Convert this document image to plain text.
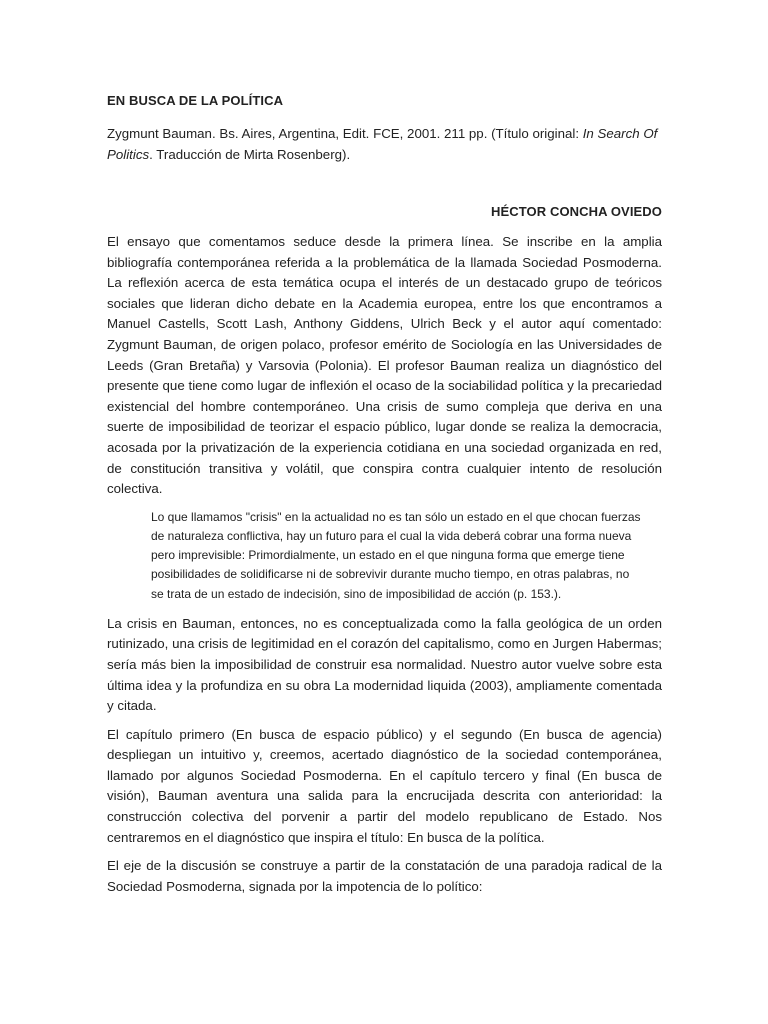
EN BUSCA DE LA POLÍTICA

Zygmunt Bauman. Bs. Aires, Argentina, Edit. FCE, 2001. 211 pp. (Título original: In Search Of Politics. Traducción de Mirta Rosenberg).

HÉCTOR CONCHA OVIEDO

El ensayo que comentamos seduce desde la primera línea. Se inscribe en la amplia bibliografía contemporánea referida a la problemática de la llamada Sociedad Posmoderna. La reflexión acerca de esta temática ocupa el interés de un destacado grupo de teóricos sociales que lideran dicho debate en la Academia europea, entre los que encontramos a Manuel Castells, Scott Lash, Anthony Giddens, Ulrich Beck y el autor aquí comentado: Zygmunt Bauman, de origen polaco, profesor emérito de Sociología en las Universidades de Leeds (Gran Bretaña) y Varsovia (Polonia). El profesor Bauman realiza un diagnóstico del presente que tiene como lugar de inflexión el ocaso de la sociabilidad política y la precariedad existencial del hombre contemporáneo. Una crisis de sumo compleja que deriva en una suerte de imposibilidad de teorizar el espacio público, lugar donde se realiza la democracia, acosada por la privatización de la experiencia cotidiana en una sociedad organizada en red, de constitución transitiva y volátil, que conspira contra cualquier intento de resolución colectiva.

Lo que llamamos "crisis" en la actualidad no es tan sólo un estado en el que chocan fuerzas
de naturaleza conflictiva, hay un futuro para el cual la vida deberá cobrar una forma nueva
pero imprevisible: Primordialmente, un estado en el que ninguna forma que emerge tiene
posibilidades de solidificarse ni de sobrevivir durante mucho tiempo, en otras palabras, no
se trata de un estado de indecisión, sino de imposibilidad de acción (p. 153.).

La crisis en Bauman, entonces, no es conceptualizada como la falla geológica de un orden rutinizado, una crisis de legitimidad en el corazón del capitalismo, como en Jurgen Habermas; sería más bien la imposibilidad de construir esa normalidad. Nuestro autor vuelve sobre esta última idea y la profundiza en su obra La modernidad liquida (2003), ampliamente comentada y citada.

El capítulo primero (En busca de espacio público) y el segundo (En busca de agencia) despliegan un intuitivo y, creemos, acertado diagnóstico de la sociedad contemporánea, llamado por algunos Sociedad Posmoderna. En el capítulo tercero y final (En busca de visión), Bauman aventura una salida para la encrucijada descrita con anterioridad: la construcción colectiva del porvenir a partir del modelo republicano de Estado. Nos centraremos en el diagnóstico que inspira el título: En busca de la política.

El eje de la discusión se construye a partir de la constatación de una paradoja radical de la Sociedad Posmoderna, signada por la impotencia de lo político:
